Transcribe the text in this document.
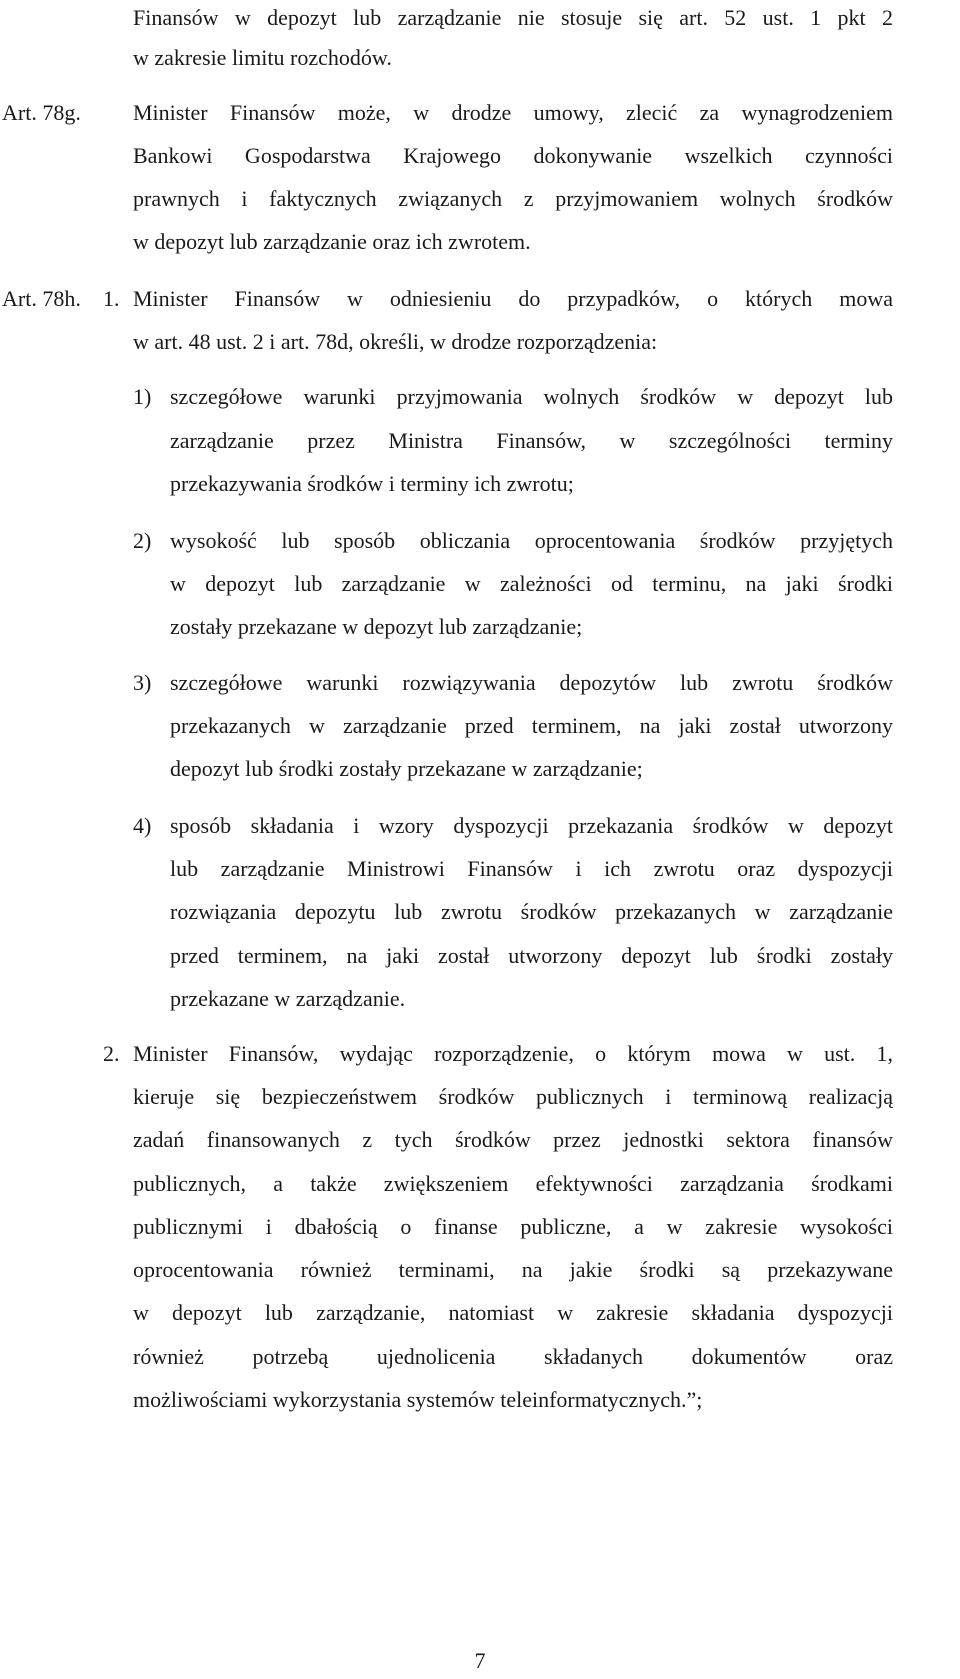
Finansów w depozyt lub zarządzanie nie stosuje się art. 52 ust. 1 pkt 2
w zakresie limitu rozchodów.
Art. 78g. Minister Finansów może, w drodze umowy, zlecić za wynagrodzeniem
Bankowi Gospodarstwa Krajowego dokonywanie wszelkich czynności
prawnych i faktycznych związanych z przyjmowaniem wolnych środków
w depozyt lub zarządzanie oraz ich zwrotem.
Art. 78h. 1. Minister Finansów w odniesieniu do przypadków, o których mowa
w art. 48 ust. 2 i art. 78d, określi, w drodze rozporządzenia:
1) szczegółowe warunki przyjmowania wolnych środków w depozyt lub
zarządzanie przez Ministra Finansów, w szczególności terminy
przekazywania środków i terminy ich zwrotu;
2) wysokość lub sposób obliczania oprocentowania środków przyjętych
w depozyt lub zarządzanie w zależności od terminu, na jaki środki
zostały przekazane w depozyt lub zarządzanie;
3) szczegółowe warunki rozwiązywania depozytów lub zwrotu środków
przekazanych w zarządzanie przed terminem, na jaki został utworzony
depozyt lub środki zostały przekazane w zarządzanie;
4) sposób składania i wzory dyspozycji przekazania środków w depozyt
lub zarządzanie Ministrowi Finansów i ich zwrotu oraz dyspozycji
rozwiązania depozytu lub zwrotu środków przekazanych w zarządzanie
przed terminem, na jaki został utworzony depozyt lub środki zostały
przekazane w zarządzanie.
2. Minister Finansów, wydając rozporządzenie, o którym mowa w ust. 1,
kieruje się bezpieczeństwem środków publicznych i terminową realizacją
zadań finansowanych z tych środków przez jednostki sektora finansów
publicznych, a także zwiększeniem efektywności zarządzania środkami
publicznymi i dbałością o finanse publiczne, a w zakresie wysokości
oprocentowania również terminami, na jakie środki są przekazywane
w depozyt lub zarządzanie, natomiast w zakresie składania dyspozycji
również potrzebą ujednolicenia składanych dokumentów oraz
możliwościami wykorzystania systemów teleinformatycznych.”;
7
